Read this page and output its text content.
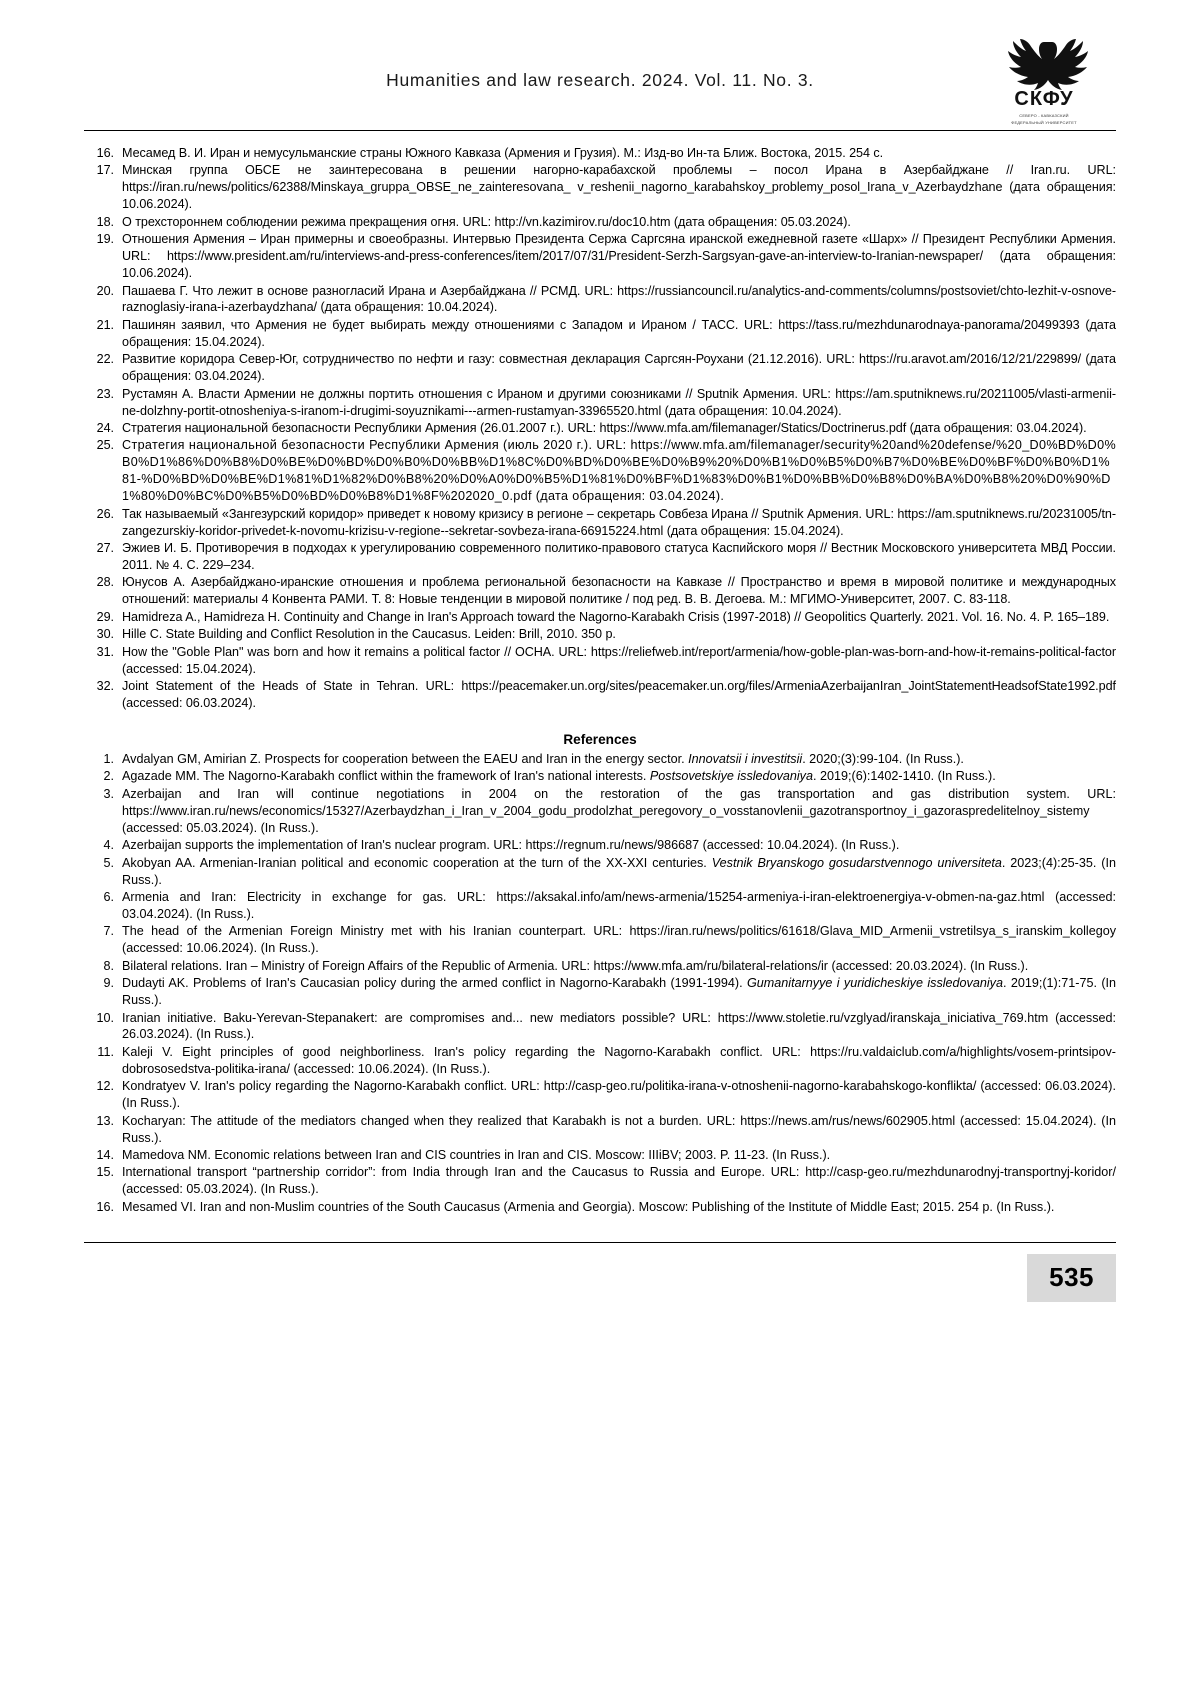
Humanities and law research. 2024. Vol. 11. No. 3.
СКФУ
СЕВЕРО - КАВКАЗСКИЙ
ФЕДЕРАЛЬНЫЙ УНИВЕРСИТЕТ
16. Месамед В. И. Иран и немусульманские страны Южного Кавказа (Армения и Грузия). М.: Изд-во Ин-та Ближ. Востока, 2015. 254 с.
17. Минская группа ОБСЕ не заинтересована в решении нагорно-карабахской проблемы – посол Ирана в Азербайджане // Iran.ru. URL: https://iran.ru/news/politics/62388/Minskaya_gruppa_OBSE_ne_zainteresovana_ v_reshenii_nagorno_karabahskoy_problemy_posol_Irana_v_Azerbaydzhane (дата обращения: 10.06.2024).
18. О трехстороннем соблюдении режима прекращения огня. URL: http://vn.kazimirov.ru/doc10.htm (дата обращения: 05.03.2024).
19. Отношения Армения – Иран примерны и своеобразны. Интервью Президента Сержа Саргсяна иранской ежедневной газете «Шарх» // Президент Республики Армения. URL: https://www.president.am/ru/interviews-and-press-conferences/item/2017/07/31/President-Serzh-Sargsyan-gave-an-interview-to-Iranian-newspaper/ (дата обращения: 10.06.2024).
20. Пашаева Г. Что лежит в основе разногласий Ирана и Азербайджана // РСМД. URL: https://russiancouncil.ru/analytics-and-comments/columns/postsoviet/chto-lezhit-v-osnove-raznoglasiy-irana-i-azerbaydzhana/ (дата обращения: 10.04.2024).
21. Пашинян заявил, что Армения не будет выбирать между отношениями с Западом и Ираном / ТАСС. URL: https://tass.ru/mezhdunarodnaya-panorama/20499393 (дата обращения: 15.04.2024).
22. Развитие коридора Север-Юг, сотрудничество по нефти и газу: совместная декларация Саргсян-Роухани (21.12.2016). URL: https://ru.aravot.am/2016/12/21/229899/ (дата обращения: 03.04.2024).
23. Рустамян А. Власти Армении не должны портить отношения с Ираном и другими союзниками // Sputnik Армения. URL: https://am.sputniknews.ru/20211005/vlasti-armenii-ne-dolzhny-portit-otnosheniya-s-iranom-i-drugimi-soyuznikami---armen-rustamyan-33965520.html (дата обращения: 10.04.2024).
24. Стратегия национальной безопасности Республики Армения (26.01.2007 г.). URL: https://www.mfa.am/filemanager/Statics/Doctrinerus.pdf (дата обращения: 03.04.2024).
25. Стратегия национальной безопасности Республики Армения (июль 2020 г.). URL: https://www.mfa.am/filemanager/security%20and%20defense/%20_D0%BD%D0%B0%D1%86%D0%B8%D0%BE%D0%BD%D0%B0%D0%BB%D1%8C%D0%BD%D0%BE%D0%B9%20%D0%B1%D0%B5%D0%B7%D0%BE%D0%BF%D0%B0%D1%81-%D0%BD%D0%BE%D1%81%D1%82%D0%B8%20%D0%A0%D0%B5%D1%81%D0%BF%D1%83%D0%B1%D0%BB%D0%B8%D0%BA%D0%B8%20%D0%90%D1%80%D0%BC%D0%B5%D0%BD%D0%B8%D1%8F%202020_0.pdf (дата обращения: 03.04.2024).
26. Так называемый «Зангезурский коридор» приведет к новому кризису в регионе – секретарь Совбеза Ирана // Sputnik Армения. URL: https://am.sputniknews.ru/20231005/tn-zangezurskiy-koridor-privedet-k-novomu-krizisu-v-regione--sekretar-sovbeza-irana-66915224.html (дата обращения: 15.04.2024).
27. Эжиев И. Б. Противоречия в подходах к урегулированию современного политико-правового статуса Каспийского моря // Вестник Московского университета МВД России. 2011. № 4. С. 229–234.
28. Юнусов А. Азербайджано-иранские отношения и проблема региональной безопасности на Кавказе // Пространство и время в мировой политике и международных отношений: материалы 4 Конвента РАМИ. Т. 8: Новые тенденции в мировой политике / под ред. В. В. Дегоева. М.: МГИМО-Университет, 2007. С. 83-118.
29. Hamidreza A., Hamidreza H. Continuity and Change in Iran's Approach toward the Nagorno-Karabakh Crisis (1997-2018) // Geopolitics Quarterly. 2021. Vol. 16. No. 4. P. 165–189.
30. Hille C. State Building and Conflict Resolution in the Caucasus. Leiden: Brill, 2010. 350 p.
31. How the "Goble Plan" was born and how it remains a political factor // OCHA. URL: https://reliefweb.int/report/armenia/how-goble-plan-was-born-and-how-it-remains-political-factor (accessed: 15.04.2024).
32. Joint Statement of the Heads of State in Tehran. URL: https://peacemaker.un.org/sites/peacemaker.un.org/files/ArmeniaAzerbaijanIran_JointStatementHeadsofState1992.pdf (accessed: 06.03.2024).
References
1. Avdalyan GM, Amirian Z. Prospects for cooperation between the EAEU and Iran in the energy sector. Innovatsii i investitsii. 2020;(3):99-104. (In Russ.).
2. Agazade MM. The Nagorno-Karabakh conflict within the framework of Iran's national interests. Postsovetskiye issledovaniya. 2019;(6):1402-1410. (In Russ.).
3. Azerbaijan and Iran will continue negotiations in 2004 on the restoration of the gas transportation and gas distribution system. URL: https://www.iran.ru/news/economics/15327/Azerbaydzhan_i_Iran_v_2004_godu_prodolzhat_peregovory_o_vosstanovlenii_gazotransportnoy_i_gazoraspredelitelnoy_sistemy (accessed: 05.03.2024). (In Russ.).
4. Azerbaijan supports the implementation of Iran's nuclear program. URL: https://regnum.ru/news/986687 (accessed: 10.04.2024). (In Russ.).
5. Akobyan AA. Armenian-Iranian political and economic cooperation at the turn of the XX-XXI centuries. Vestnik Bryanskogo gosudarstvennogo universiteta. 2023;(4):25-35. (In Russ.).
6. Armenia and Iran: Electricity in exchange for gas. URL: https://aksakal.info/am/news-armenia/15254-armeniya-i-iran-elektroenergiya-v-obmen-na-gaz.html (accessed: 03.04.2024). (In Russ.).
7. The head of the Armenian Foreign Ministry met with his Iranian counterpart. URL: https://iran.ru/news/politics/61618/Glava_MID_Armenii_vstretilsya_s_iranskim_kollegoy (accessed: 10.06.2024). (In Russ.).
8. Bilateral relations. Iran – Ministry of Foreign Affairs of the Republic of Armenia. URL: https://www.mfa.am/ru/bilateral-relations/ir (accessed: 20.03.2024). (In Russ.).
9. Dudayti AK. Problems of Iran's Caucasian policy during the armed conflict in Nagorno-Karabakh (1991-1994). Gumanitarnyye i yuridicheskiye issledovaniya. 2019;(1):71-75. (In Russ.).
10. Iranian initiative. Baku-Yerevan-Stepanakert: are compromises and... new mediators possible? URL: https://www.stoletie.ru/vzglyad/iranskaja_iniciativa_769.htm (accessed: 26.03.2024). (In Russ.).
11. Kaleji V. Eight principles of good neighborliness. Iran's policy regarding the Nagorno-Karabakh conflict. URL: https://ru.valdaiclub.com/a/highlights/vosem-printsipov-dobrososedstva-politika-irana/ (accessed: 10.06.2024). (In Russ.).
12. Kondratyev V. Iran's policy regarding the Nagorno-Karabakh conflict. URL: http://casp-geo.ru/politika-irana-v-otnoshenii-nagorno-karabahskogo-konflikta/ (accessed: 06.03.2024). (In Russ.).
13. Kocharyan: The attitude of the mediators changed when they realized that Karabakh is not a burden. URL: https://news.am/rus/news/602905.html (accessed: 15.04.2024). (In Russ.).
14. Mamedova NM. Economic relations between Iran and CIS countries in Iran and CIS. Moscow: IIIiBV; 2003. P. 11-23. (In Russ.).
15. International transport “partnership corridor”: from India through Iran and the Caucasus to Russia and Europe. URL: http://casp-geo.ru/mezhdunarodnyj-transportnyj-koridor/ (accessed: 05.03.2024). (In Russ.).
16. Mesamed VI. Iran and non-Muslim countries of the South Caucasus (Armenia and Georgia). Moscow: Publishing of the Institute of Middle East; 2015. 254 p. (In Russ.).
535
